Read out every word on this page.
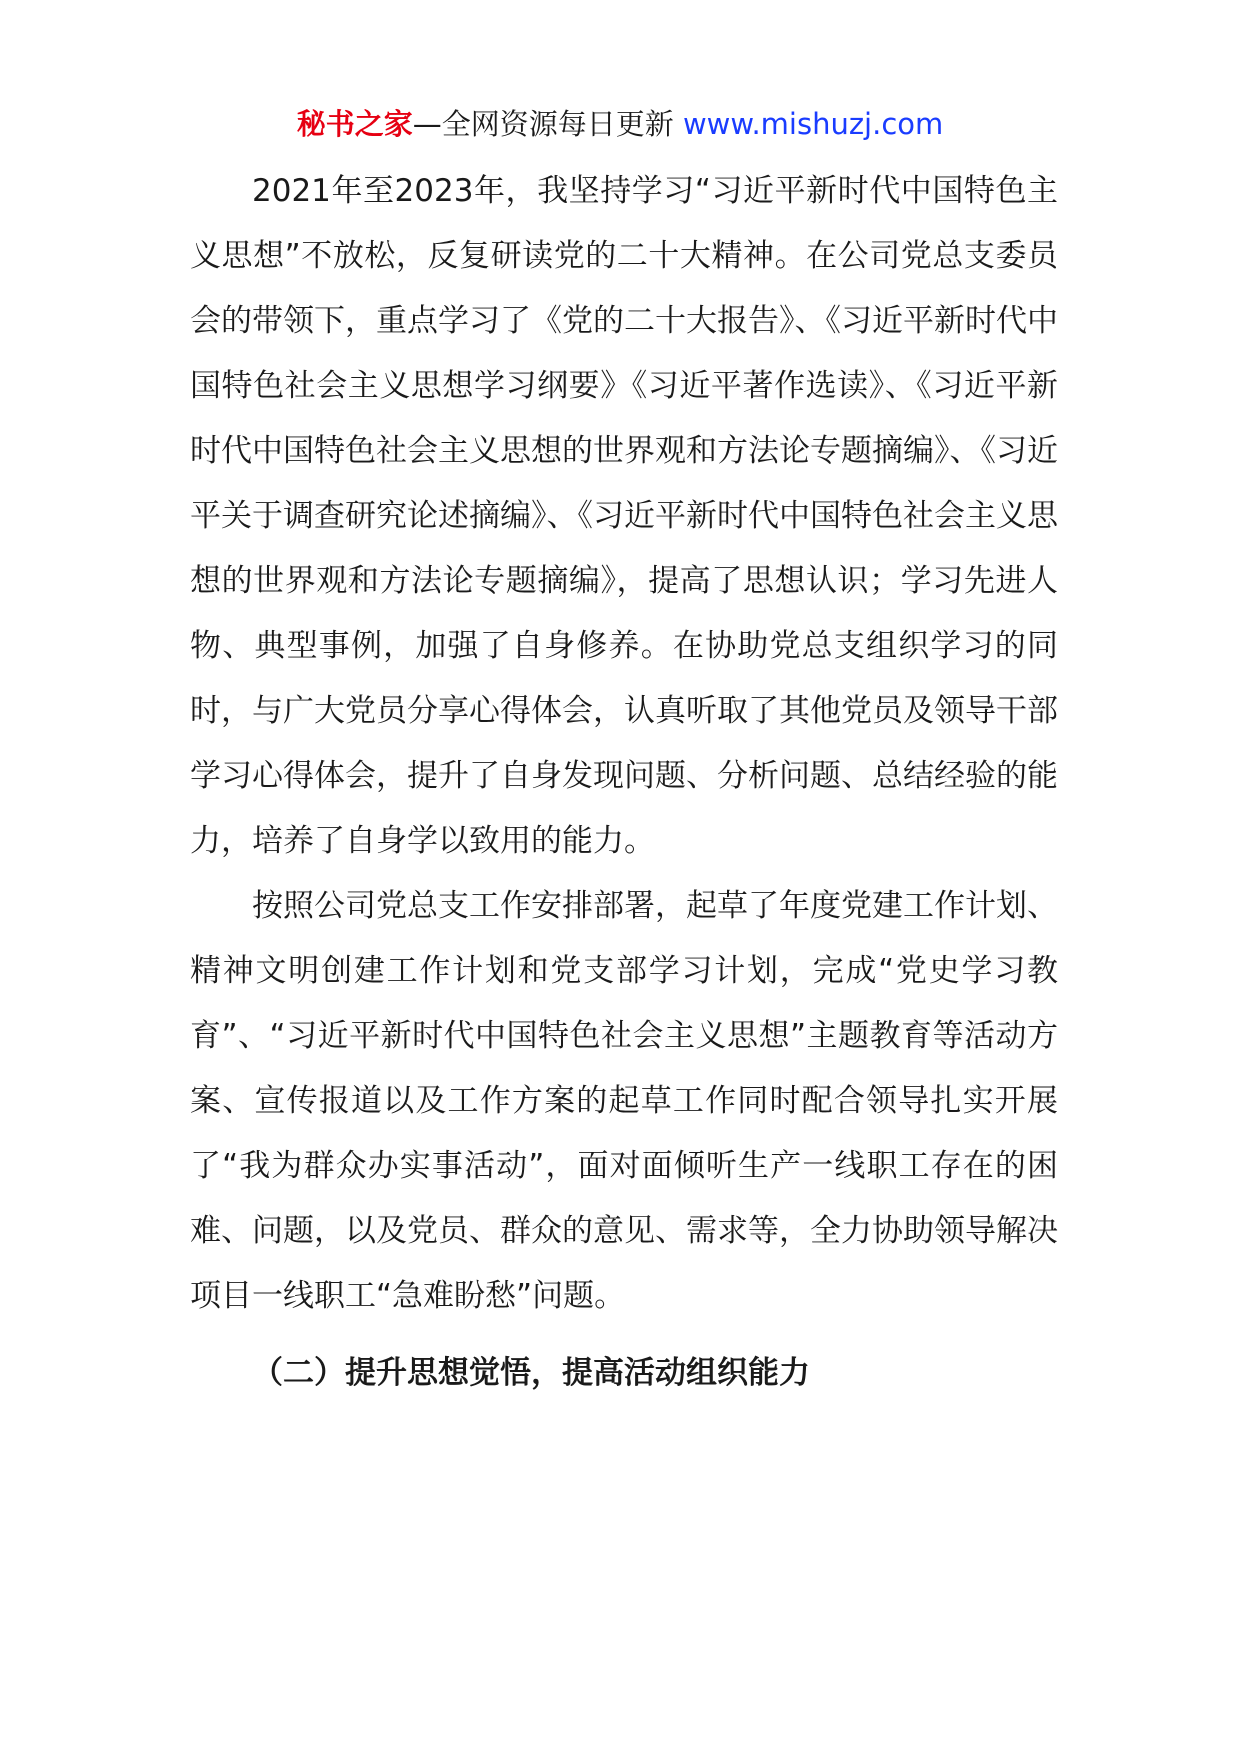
秘书之家—全网资源每日更新 www.mishuzj.com

2021年至2023年，我坚持学习“习近平新时代中国特色主义思想”不放松，反复研读党的二十大精神。在公司党总支委员会的带领下，重点学习了《党的二十大报告》、《习近平新时代中国特色社会主义思想学习纲要》《习近平著作选读》、《习近平新时代中国特色社会主义思想的世界观和方法论专题摘编》、《习近平关于调查研究论述摘编》、《习近平新时代中国特色社会主义思想的世界观和方法论专题摘编》，提高了思想认识；学习先进人物、典型事例，加强了自身修养。在协助党总支组织学习的同时，与广大党员分享心得体会，认真听取了其他党员及领导干部学习心得体会，提升了自身发现问题、分析问题、总结经验的能力，培养了自身学以致用的能力。

按照公司党总支工作安排部署，起草了年度党建工作计划、精神文明创建工作计划和党支部学习计划，完成“党史学习教育”、“习近平新时代中国特色社会主义思想”主题教育等活动方案、宣传报道以及工作方案的起草工作同时配合领导扎实开展了“我为群众办实事活动”，面对面倾听生产一线职工存在的困难、问题，以及党员、群众的意见、需求等，全力协助领导解决项目一线职工“急难盼愁”问题。

（二）提升思想觉悟，提高活动组织能力
